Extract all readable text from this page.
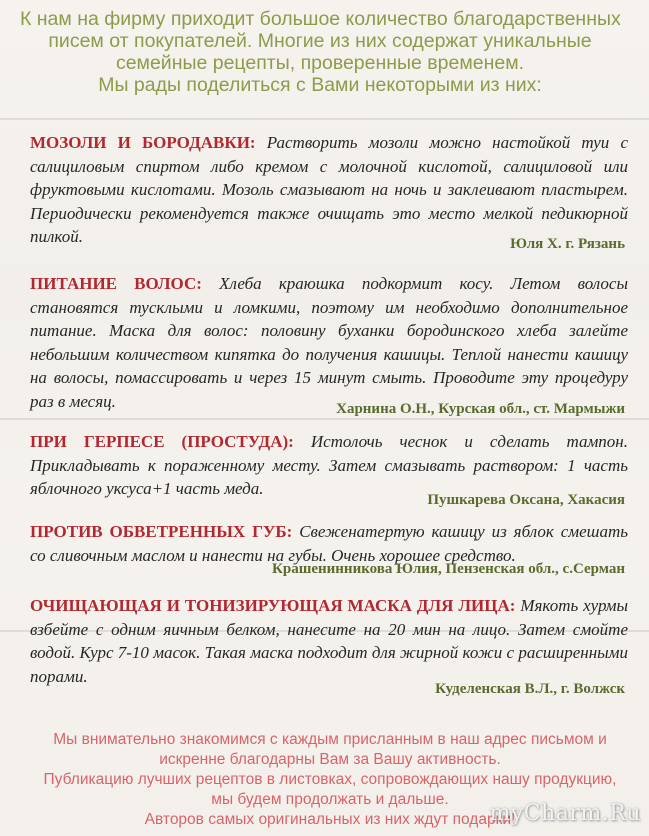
К нам на фирму приходит большое количество благодарственных
писем от покупателей. Многие из них содержат уникальные
семейные рецепты, проверенные временем.
Мы рады поделиться с Вами некоторыми из них:
МОЗОЛИ И БОРОДАВКИ: Растворить мозоли можно настойкой туи с салициловым спиртом либо кремом с молочной кислотой, салициловой или фруктовыми кислотами. Мозоль смазывают на ночь и заклеивают пластырем. Периодически рекомендуется также очищать это место мелкой педикюрной пилкой.	Юля Х. г. Рязань
ПИТАНИЕ ВОЛОС: Хлеба краюшка подкормит косу. Летом волосы становятся тусклыми и ломкими, поэтому им необходимо дополнительное питание. Маска для волос: половину буханки бородинского хлеба залейте небольшим количеством кипятка до получения кашицы. Теплой нанести кашицу на волосы, помассировать и через 15 минут смыть. Проводите эту процедуру раз в месяц.	Харнина О.Н., Курская обл., ст. Мармыжи
ПРИ ГЕРПЕСЕ (ПРОСТУДА): Истолочь чеснок и сделать тампон. Прикладывать к пораженному месту. Затем смазывать раствором: 1 часть яблочного уксуса+1 часть меда.
Пушкарева Оксана, Хакасия
ПРОТИВ ОБВЕТРЕННЫХ ГУБ: Свеженатертую кашицу из яблок смешать со сливочным маслом и нанести на губы. Очень хорошее средство.
Крашенинникова Юлия, Пензенская обл., с.Серман
ОЧИЩАЮЩАЯ И ТОНИЗИРУЮЩАЯ МАСКА ДЛЯ ЛИЦА: Мякоть хурмы взбейте с одним яичным белком, нанесите на 20 мин на лицо. Затем смойте водой. Курс 7-10 масок. Такая маска подходит для жирной кожи с расширенными порами.
Куделенская В.Л., г. Волжск
Мы внимательно знакомимся с каждым присланным в наш адрес письмом и
искренне благодарны Вам за Вашу активность.
Публикацию лучших рецептов в листовках, сопровождающих нашу продукцию,
мы будем продолжать и дальше.
Авторов самых оригинальных из них ждут подарки!
myCharm.Ru
